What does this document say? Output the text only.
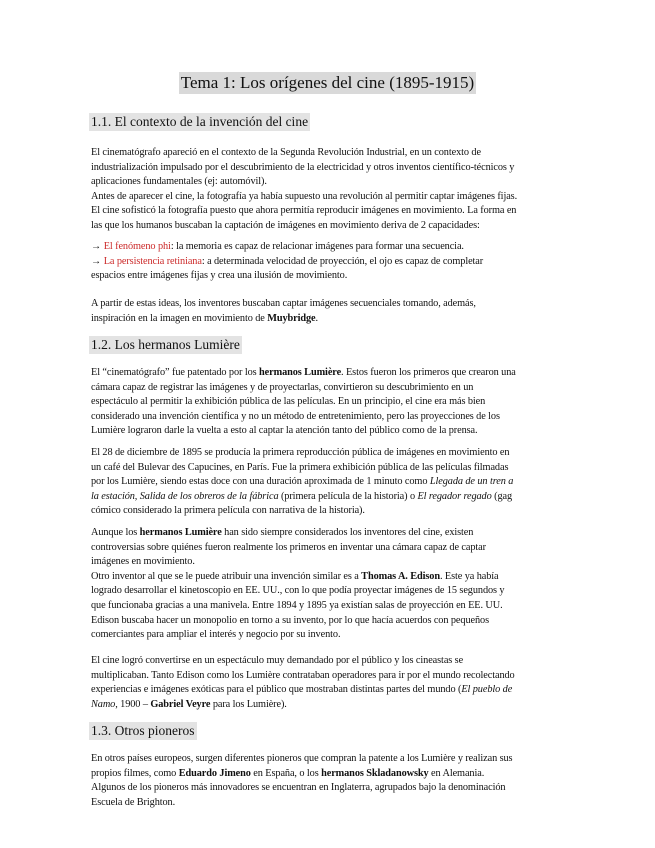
Tema 1: Los orígenes del cine (1895-1915)
1.1. El contexto de la invención del cine
El cinematógrafo apareció en el contexto de la Segunda Revolución Industrial, en un contexto de
industrialización impulsado por el descubrimiento de la electricidad y otros inventos científico-técnicos y
aplicaciones fundamentales (ej: automóvil).
Antes de aparecer el cine, la fotografía ya había supuesto una revolución al permitir captar imágenes fijas.
El cine sofisticó la fotografía puesto que ahora permitía reproducir imágenes en movimiento. La forma en
las que los humanos buscaban la captación de imágenes en movimiento deriva de 2 capacidades:
→ El fenómeno phi: la memoria es capaz de relacionar imágenes para formar una secuencia.
→ La persistencia retiniana: a determinada velocidad de proyección, el ojo es capaz de completar
espacios entre imágenes fijas y crea una ilusión de movimiento.
A partir de estas ideas, los inventores buscaban captar imágenes secuenciales tomando, además,
inspiración en la imagen en movimiento de Muybridge.
1.2. Los hermanos Lumière
El “cinematógrafo” fue patentado por los hermanos Lumière. Estos fueron los primeros que crearon una
cámara capaz de registrar las imágenes y de proyectarlas, convirtieron su descubrimiento en un
espectáculo al permitir la exhibición pública de las películas. En un principio, el cine era más bien
considerado una invención científica y no un método de entretenimiento, pero las proyecciones de los
Lumière lograron darle la vuelta a esto al captar la atención tanto del público como de la prensa.
El 28 de diciembre de 1895 se producía la primera reproducción pública de imágenes en movimiento en
un café del Bulevar des Capucines, en París. Fue la primera exhibición pública de las películas filmadas
por los Lumière, siendo estas doce con una duración aproximada de 1 minuto como Llegada de un tren a
la estación, Salida de los obreros de la fábrica (primera película de la historia) o El regador regado (gag
cómico considerado la primera película con narrativa de la historia).
Aunque los hermanos Lumière han sido siempre considerados los inventores del cine, existen
controversias sobre quiénes fueron realmente los primeros en inventar una cámara capaz de captar
imágenes en movimiento.
Otro inventor al que se le puede atribuir una invención similar es a Thomas A. Edison. Este ya había
logrado desarrollar el kinetoscopio en EE. UU., con lo que podía proyectar imágenes de 15 segundos y
que funcionaba gracias a una manivela. Entre 1894 y 1895 ya existían salas de proyección en EE. UU.
Edison buscaba hacer un monopolio en torno a su invento, por lo que hacía acuerdos con pequeños
comerciantes para ampliar el interés y negocio por su invento.
El cine logró convertirse en un espectáculo muy demandado por el público y los cineastas se
multiplicaban. Tanto Edison como los Lumière contrataban operadores para ir por el mundo recolectando
experiencias e imágenes exóticas para el público que mostraban distintas partes del mundo (El pueblo de
Namo, 1900 – Gabriel Veyre para los Lumière).
1.3. Otros pioneros
En otros países europeos, surgen diferentes pioneros que compran la patente a los Lumière y realizan sus
propios filmes, como Eduardo Jimeno en España, o los hermanos Skladanowsky en Alemania.
Algunos de los pioneros más innovadores se encuentran en Inglaterra, agrupados bajo la denominación
Escuela de Brighton.
